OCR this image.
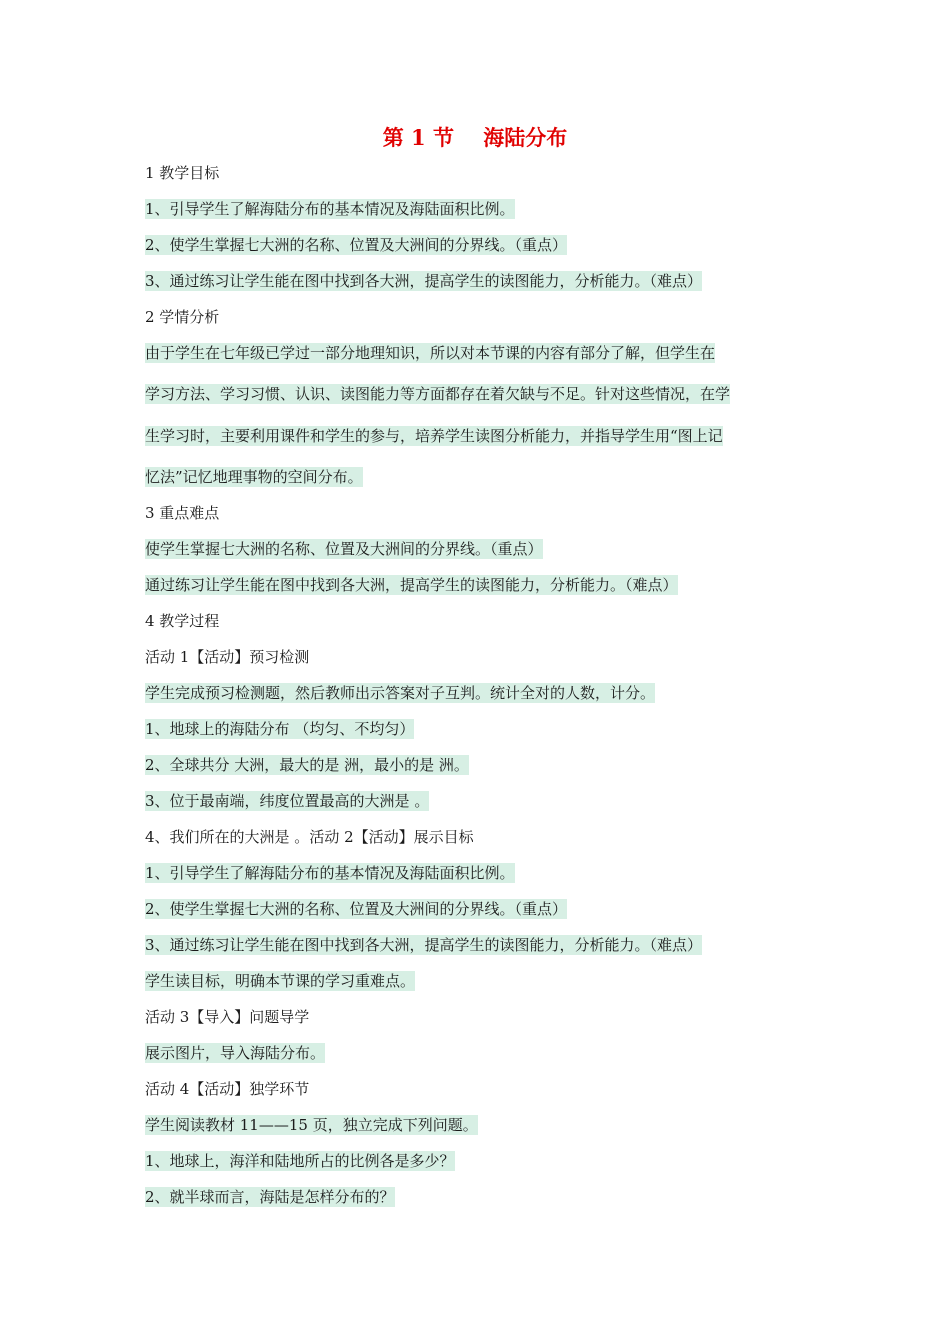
第 1 节    海陆分布
1 教学目标
1、引导学生了解海陆分布的基本情况及海陆面积比例。
2、使学生掌握七大洲的名称、位置及大洲间的分界线。（重点）
3、通过练习让学生能在图中找到各大洲，提高学生的读图能力，分析能力。（难点）
2 学情分析
由于学生在七年级已学过一部分地理知识，所以对本节课的内容有部分了解，但学生在
学习方法、学习习惯、认识、读图能力等方面都存在着欠缺与不足。针对这些情况，在学
生学习时，主要利用课件和学生的参与，培养学生读图分析能力，并指导学生用“图上记
忆法”记忆地理事物的空间分布。
3 重点难点
使学生掌握七大洲的名称、位置及大洲间的分界线。（重点）
通过练习让学生能在图中找到各大洲，提高学生的读图能力，分析能力。（难点）
4 教学过程
活动 1【活动】预习检测
学生完成预习检测题，然后教师出示答案对子互判。统计全对的人数，计分。
1、地球上的海陆分布 （均匀、不均匀）
2、全球共分 大洲，最大的是 洲，最小的是 洲。
3、位于最南端，纬度位置最高的大洲是 。
4、我们所在的大洲是 。活动 2【活动】展示目标
1、引导学生了解海陆分布的基本情况及海陆面积比例。
2、使学生掌握七大洲的名称、位置及大洲间的分界线。（重点）
3、通过练习让学生能在图中找到各大洲，提高学生的读图能力，分析能力。（难点）
学生读目标，明确本节课的学习重难点。
活动 3【导入】问题导学
展示图片，导入海陆分布。
活动 4【活动】独学环节
学生阅读教材 11——15 页，独立完成下列问题。
1、地球上，海洋和陆地所占的比例各是多少？
2、就半球而言，海陆是怎样分布的？
